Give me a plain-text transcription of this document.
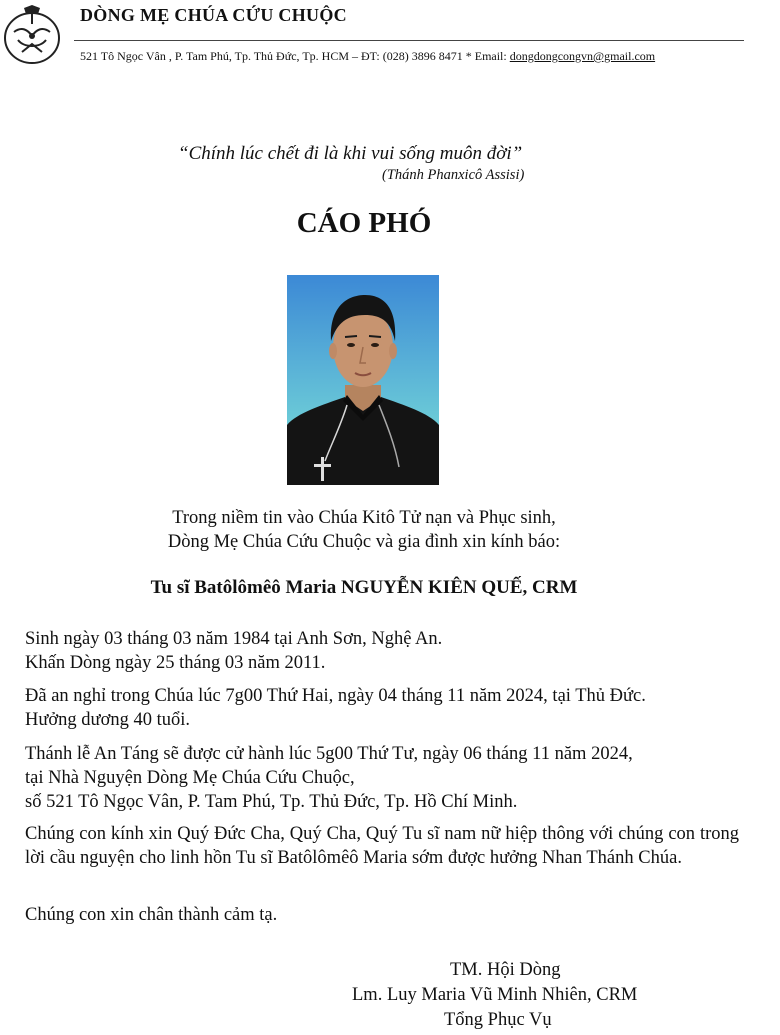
DÒNG MẸ CHÚA CỨU CHUỘC
521 Tô Ngọc Vân , P. Tam Phú, Tp. Thủ Đức, Tp. HCM – ĐT: (028) 3896 8471 * Email: dongdongcongvn@gmail.com
“Chính lúc chết đi là khi vui sống muôn đời”
(Thánh Phanxicô Assisi)
CÁO PHÓ
Trong niềm tin vào Chúa Kitô Tử nạn và Phục sinh,
Dòng Mẹ Chúa Cứu Chuộc và gia đình xin kính báo:
Tu sĩ Batôlômêô Maria NGUYỄN KIÊN QUẾ, CRM
Sinh ngày 03 tháng 03 năm 1984 tại Anh Sơn, Nghệ An.
Khấn Dòng ngày 25 tháng 03 năm 2011.
Đã an nghỉ trong Chúa lúc 7g00 Thứ Hai, ngày 04 tháng 11 năm 2024, tại Thủ Đức.
Hưởng dương 40 tuổi.
Thánh lễ An Táng sẽ được cử hành lúc 5g00 Thứ Tư, ngày 06 tháng 11 năm 2024,
tại Nhà Nguyện Dòng Mẹ Chúa Cứu Chuộc,
số 521 Tô Ngọc Vân, P. Tam Phú, Tp. Thủ Đức, Tp. Hồ Chí Minh.
Chúng con kính xin Quý Đức Cha, Quý Cha, Quý Tu sĩ nam nữ hiệp thông với chúng con trong lời cầu nguyện cho linh hồn Tu sĩ Batôlômêô Maria sớm được hưởng Nhan Thánh Chúa.
Chúng con xin chân thành cảm tạ.
TM. Hội Dòng
Lm. Luy Maria Vũ Minh Nhiên, CRM
Tổng Phục Vụ
